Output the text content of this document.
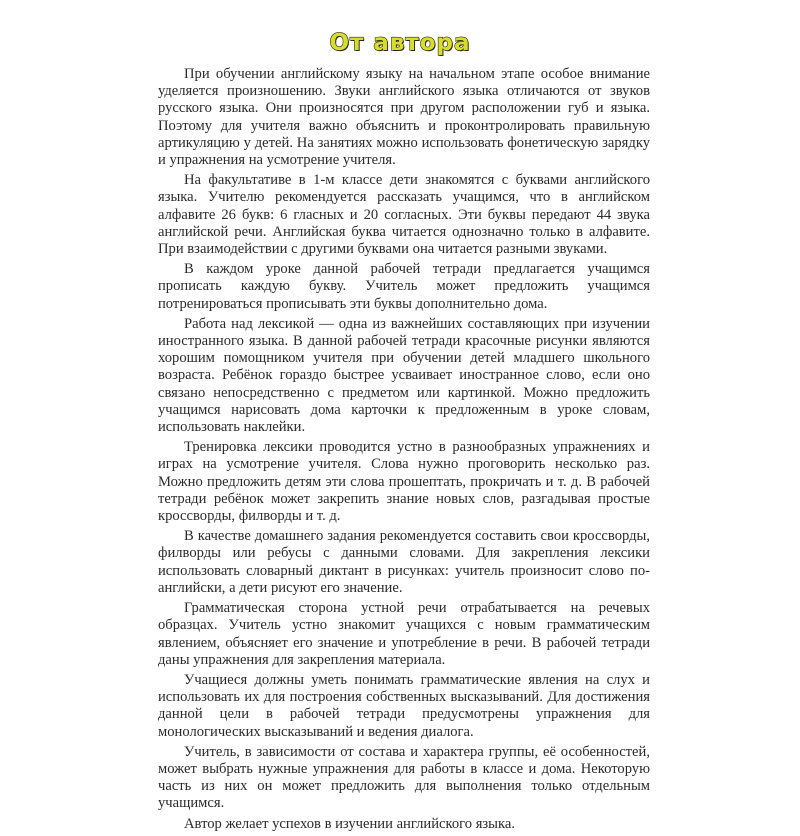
От автора

При обучении английскому языку на начальном этапе особое внимание уделяется произношению. Звуки английского языка отличаются от звуков русского языка. Они произносятся при другом расположении губ и языка. Поэтому для учителя важно объяснить и проконтролировать правильную артикуляцию у детей. На занятиях можно использовать фонетическую зарядку и упражнения на усмотрение учителя.

На факультативе в 1-м классе дети знакомятся с буквами английского языка. Учителю рекомендуется рассказать учащимся, что в английском алфавите 26 букв: 6 гласных и 20 согласных. Эти буквы передают 44 звука английской речи. Английская буква читается однозначно только в алфавите. При взаимодействии с другими буквами она читается разными звуками.

В каждом уроке данной рабочей тетради предлагается учащимся прописать каждую букву. Учитель может предложить учащимся потренироваться прописывать эти буквы дополнительно дома.

Работа над лексикой — одна из важнейших составляющих при изучении иностранного языка. В данной рабочей тетради красочные рисунки являются хорошим помощником учителя при обучении детей младшего школьного возраста. Ребёнок гораздо быстрее усваивает иностранное слово, если оно связано непосредственно с предметом или картинкой. Можно предложить учащимся нарисовать дома карточки к предложенным в уроке словам, использовать наклейки.

Тренировка лексики проводится устно в разнообразных упражнениях и играх на усмотрение учителя. Слова нужно проговорить несколько раз. Можно предложить детям эти слова прошептать, прокричать и т. д. В рабочей тетради ребёнок может закрепить знание новых слов, разгадывая простые кроссворды, филворды и т. д.

В качестве домашнего задания рекомендуется составить свои кроссворды, филворды или ребусы с данными словами. Для закрепления лексики использовать словарный диктант в рисунках: учитель произносит слово по-английски, а дети рисуют его значение.

Грамматическая сторона устной речи отрабатывается на речевых образцах. Учитель устно знакомит учащихся с новым грамматическим явлением, объясняет его значение и употребление в речи. В рабочей тетради даны упражнения для закрепления материала.

Учащиеся должны уметь понимать грамматические явления на слух и использовать их для построения собственных высказываний. Для достижения данной цели в рабочей тетради предусмотрены упражнения для монологических высказываний и ведения диалога.

Учитель, в зависимости от состава и характера группы, её особенностей, может выбрать нужные упражнения для работы в классе и дома. Некоторую часть из них он может предложить для выполнения только отдельным учащимся.

Автор желает успехов в изучении английского языка.
